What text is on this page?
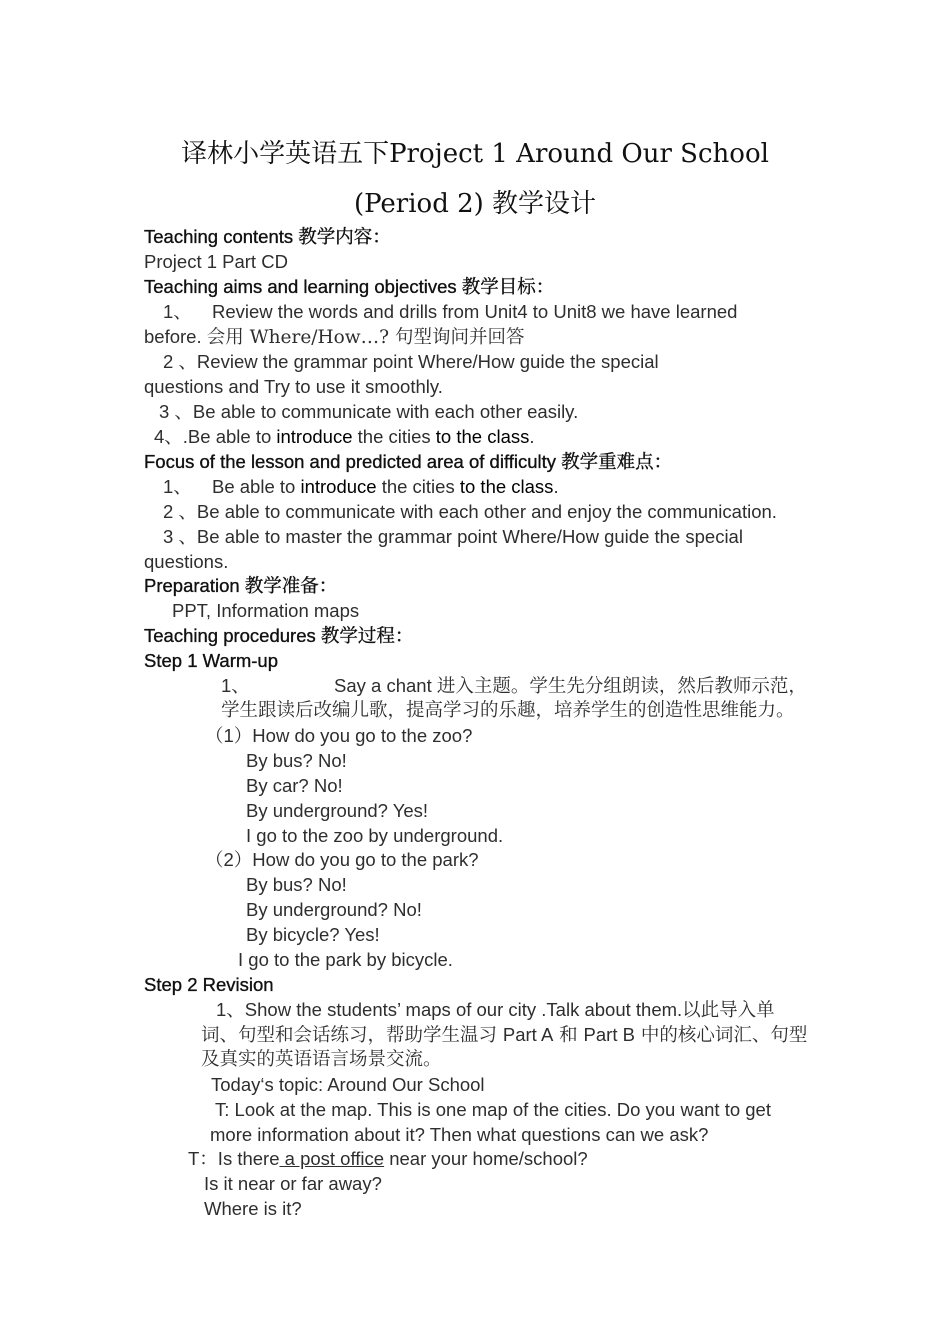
译林小学英语五下Project 1 Around Our School
(Period 2) 教学设计
Teaching contents 教学内容：
Project 1 Part CD
Teaching aims and learning objectives 教学目标：
1、 Review the words and drills from Unit4 to Unit8 we have learned
before. 会用 Where/How…? 句型询问并回答
2 、Review the grammar point Where/How guide the special
questions and Try to use it smoothly.
3 、Be able to communicate with each other easily.
4、.Be able to introduce the cities to the class.
Focus of the lesson and predicted area of difficulty 教学重难点：
1、 Be able to introduce the cities to the class.
2 、Be able to communicate with each other and enjoy the communication.
3 、Be able to master the grammar point Where/How guide the special
questions.
Preparation 教学准备：
PPT, Information maps
Teaching procedures 教学过程：
Step 1 Warm-up
1、	Say a chant 进入主题。学生先分组朗读，然后教师示范，
学生跟读后改编儿歌，提高学习的乐趣，培养学生的创造性思维能力。
（1）How do you go to the zoo?
By bus? No!
By car? No!
By underground? Yes!
I go to the zoo by underground.
（2）How do you go to the park?
By bus? No!
By underground? No!
By bicycle? Yes!
I go to the park by bicycle.
Step 2 Revision
1、Show the students’ maps of our city .Talk about them.以此导入单
词、句型和会话练习，帮助学生温习 Part A 和 Part B 中的核心词汇、句型
及真实的英语语言场景交流。
Today‘s topic: Around Our School
T: Look at the map. This is one map of the cities. Do you want to get
more information about it? Then what questions can we ask?
T：Is there a post office near your home/school?
Is it near or far away?
Where is it?
